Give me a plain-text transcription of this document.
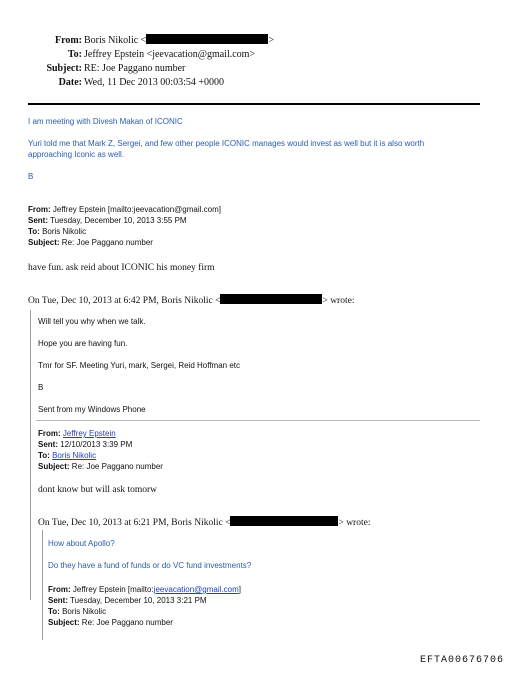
From: Boris Nikolic <	>
To: Jeffrey Epstein <jeevacation@gmail.com>
Subject: RE: Joe Paggano number
Date: Wed, 11 Dec 2013 00:03:54 +0000
I am meeting with Divesh Makan of ICONIC
Yuri told me that Mark Z, Sergei, and few other people ICONIC manages would invest as well but it is also worth
approaching Iconic as well.
B
From: Jeffrey Epstein [mailto:jeevacation@gmail.com]
Sent: Tuesday, December 10, 2013 3:55 PM
To: Boris Nikolic
Subject: Re: Joe Paggano number
have fun. ask reid about ICONIC his money firm
On Tue, Dec 10, 2013 at 6:42 PM, Boris Nikolic <	> wrote:
Will tell you why when we talk.
Hope you are having fun.
Tmr for SF. Meeting Yuri, mark, Sergei, Reid Hoffman etc
B
Sent from my Windows Phone
From: Jeffrey Epstein
Sent: 12/10/2013 3:39 PM
To: Boris Nikolic
Subject: Re: Joe Paggano number
dont know but will ask tomorw
On Tue, Dec 10, 2013 at 6:21 PM, Boris Nikolic <	> wrote:
How about Apollo?
Do they have a fund of funds or do VC fund investments?
From: Jeffrey Epstein [mailto:jeevacation@gmail.com]
Sent: Tuesday, December 10, 2013 3:21 PM
To: Boris Nikolic
Subject: Re: Joe Paggano number
EFTA00676706
